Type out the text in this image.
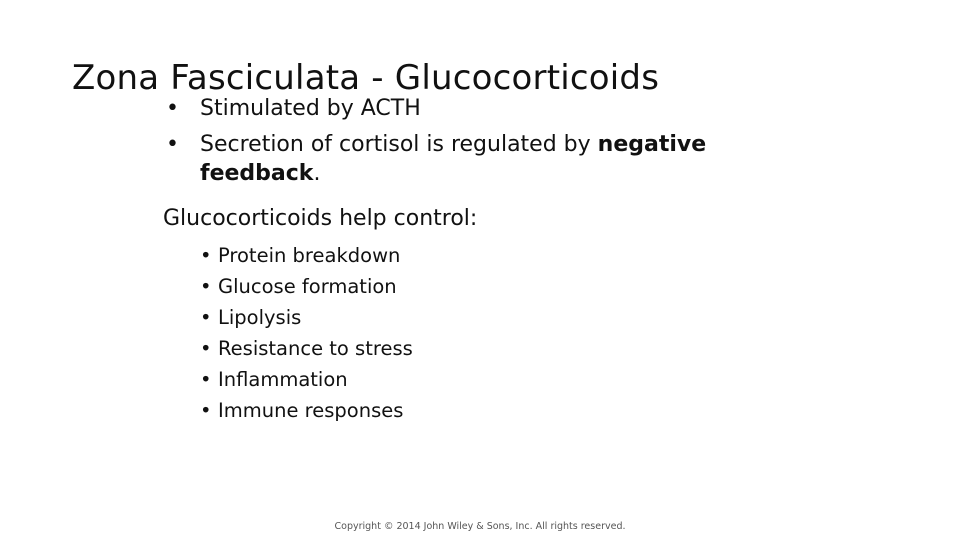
Zona Fasciculata - Glucocorticoids
• Stimulated by ACTH
• Secretion of cortisol is regulated by negative feedback.

Glucocorticoids help control:

• Protein breakdown
• Glucose formation
• Lipolysis
• Resistance to stress
• Inflammation
• Immune responses
Copyright © 2014 John Wiley & Sons, Inc. All rights reserved.
